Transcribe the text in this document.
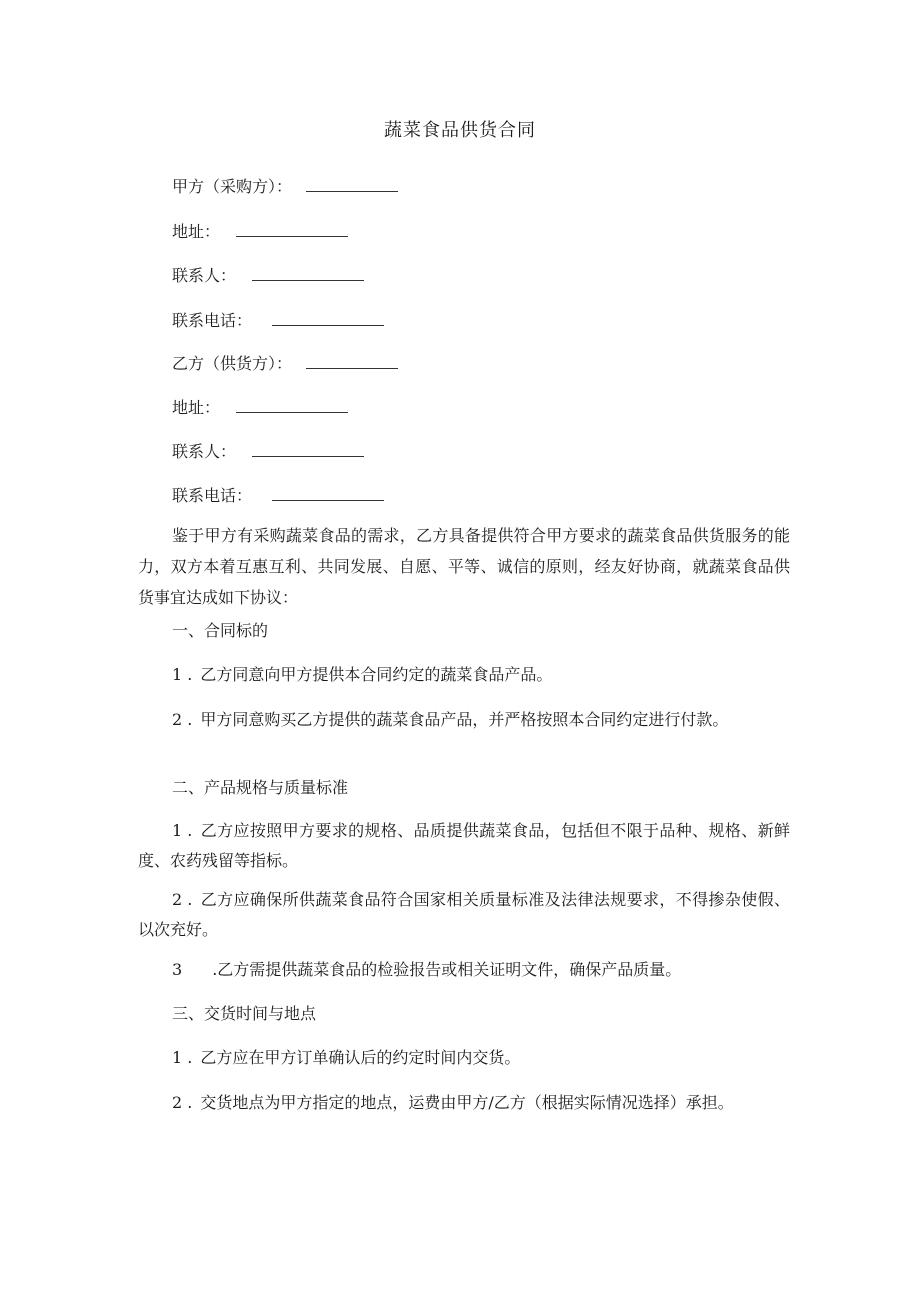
蔬菜食品供货合同
甲方（采购方）：
地址：
联系人：
联系电话：
乙方（供货方）：
地址：
联系人：
联系电话：
鉴于甲方有采购蔬菜食品的需求，乙方具备提供符合甲方要求的蔬菜食品供货服务的能力，双方本着互惠互利、共同发展、自愿、平等、诚信的原则，经友好协商，就蔬菜食品供货事宜达成如下协议：
一、合同标的
1 . 乙方同意向甲方提供本合同约定的蔬菜食品产品。
2 . 甲方同意购买乙方提供的蔬菜食品产品，并严格按照本合同约定进行付款。
二、产品规格与质量标准
1 . 乙方应按照甲方要求的规格、品质提供蔬菜食品，包括但不限于品种、规格、新鲜度、农药残留等指标。
2 . 乙方应确保所供蔬菜食品符合国家相关质量标准及法律法规要求，不得掺杂使假、以次充好。
3 .乙方需提供蔬菜食品的检验报告或相关证明文件，确保产品质量。
三、交货时间与地点
1 . 乙方应在甲方订单确认后的约定时间内交货。
2 . 交货地点为甲方指定的地点，运费由甲方/乙方（根据实际情况选择）承担。
